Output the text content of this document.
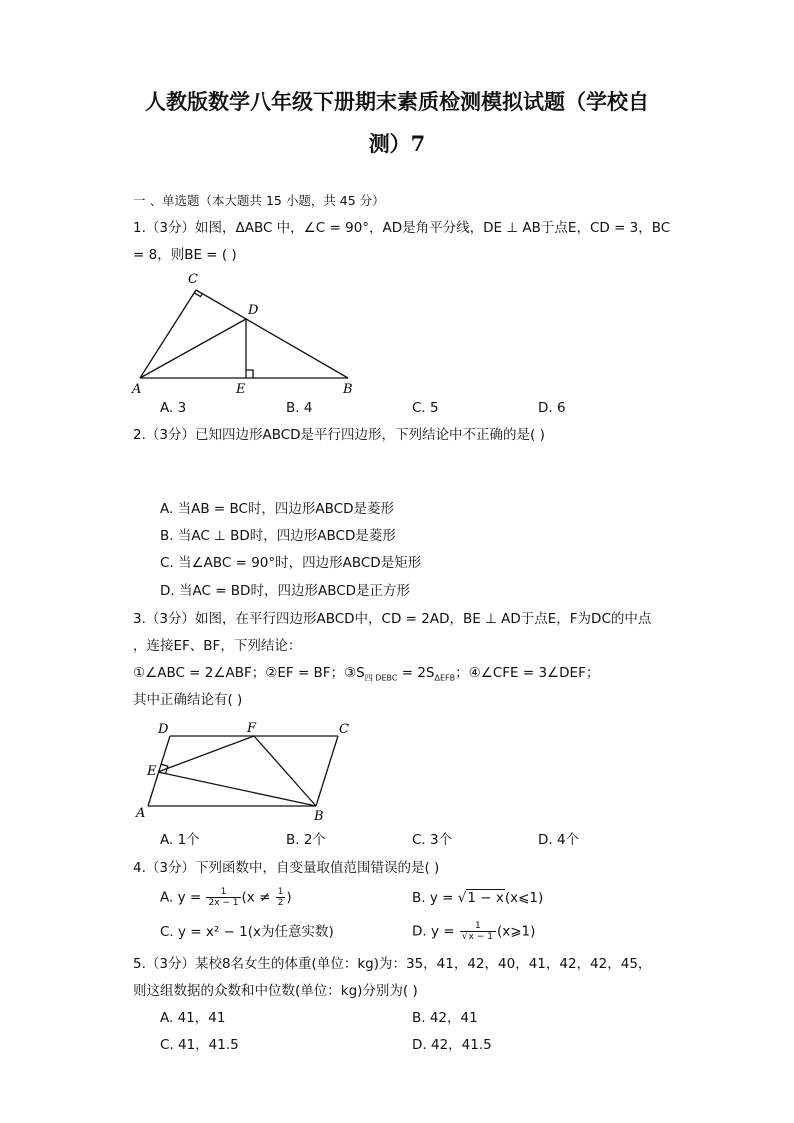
人教版数学八年级下册期末素质检测模拟试题（学校自
测）7
一 、单选题（本大题共 15 小题，共 45 分）
1.（3分）如图，ΔABC 中，∠C = 90°，AD是角平分线，DE ⊥ AB于点E，CD = 3，BC
= 8，则BE = ( )
C
D
A	E	B
A. 3	B. 4	C. 5	D. 6
2.（3分）已知四边形ABCD是平行四边形，下列结论中不正确的是( )
A. 当AB = BC时，四边形ABCD是菱形
B. 当AC ⊥ BD时，四边形ABCD是菱形
C. 当∠ABC = 90°时，四边形ABCD是矩形
D. 当AC = BD时，四边形ABCD是正方形
3.（3分）如图，在平行四边形ABCD中，CD = 2AD，BE ⊥ AD于点E，F为DC的中点
，连接EF、BF，下列结论：
①∠ABC = 2∠ABF；②EF = BF；$③S_{四 DEBC} = 2S_{\Delta EFB}$；④∠CFE = 3∠DEF；
其中正确结论有( )
D	F	C
E
A	B
A. 1个	B. 2个	C. 3个	D. 4个
4.（3分）下列函数中，自变量取值范围错误的是( )
A. $y = \frac{1}{2x - 1} (x \ne \frac{1}{2}$ )	B. y = √1 − x(x⩽1)
C. y = x² − 1(x为任意实数)	D. $y = \frac{1}{√x - 1}$ (x⩾1)
5.（3分）某校8名女生的体重(单位：kg)为：35，41，42，40，41，42，42，45，
则这组数据的众数和中位数(单位：kg)分别为( )
A. 41，41	B. 42，41
C. 41，41.5	D. 42，41.5
